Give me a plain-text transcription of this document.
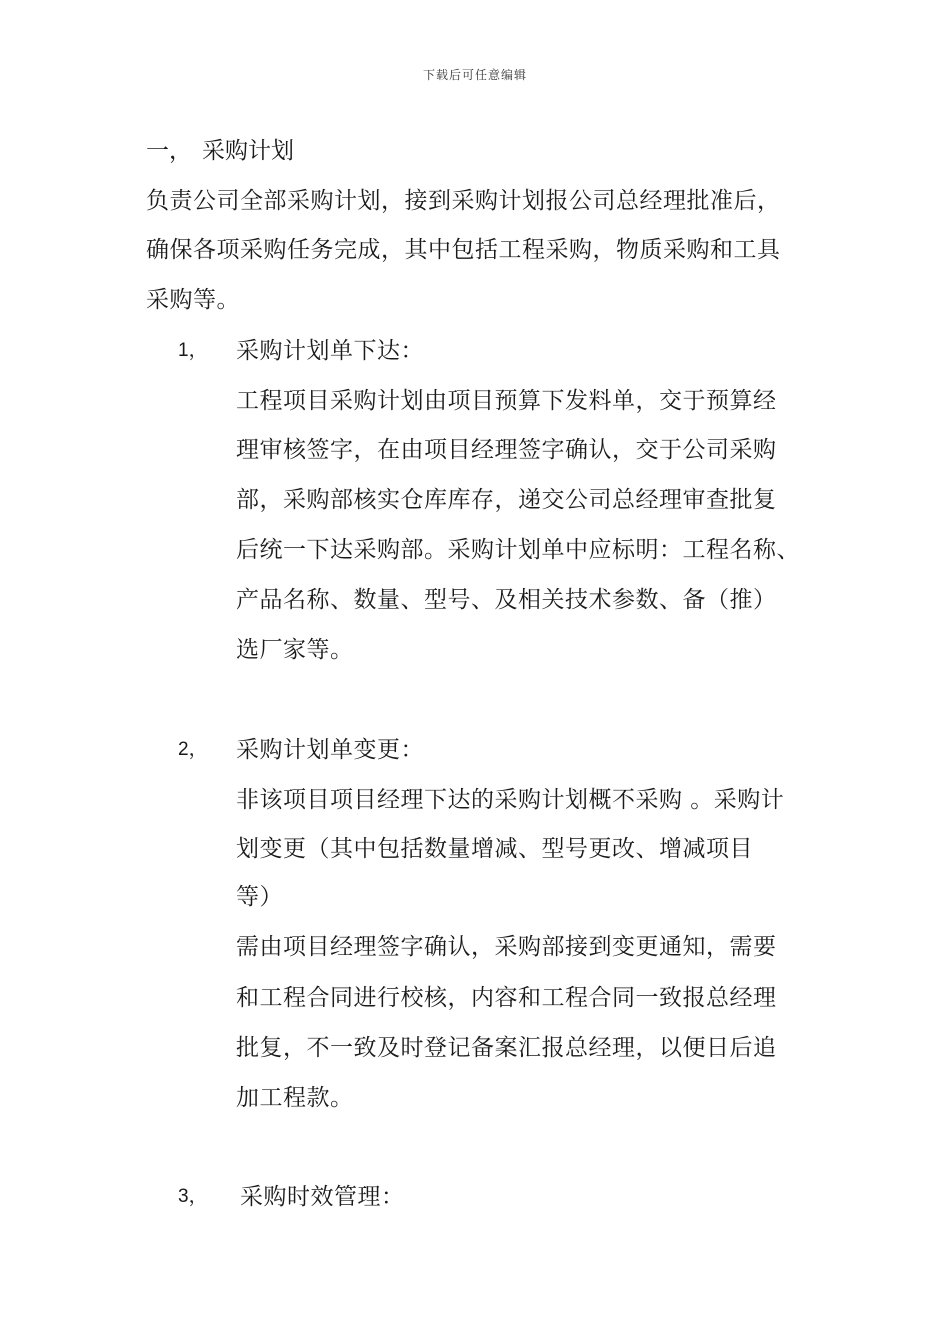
下载后可任意编辑
一， 采购计划
负责公司全部采购计划，接到采购计划报公司总经理批准后，
确保各项采购任务完成，其中包括工程采购，物质采购和工具
采购等。
1， 采购计划单下达：
工程项目采购计划由项目预算下发料单，交于预算经
理审核签字，在由项目经理签字确认，交于公司采购
部，采购部核实仓库库存，递交公司总经理审查批复
后统一下达采购部。采购计划单中应标明：工程名称、
产品名称、数量、型号、及相关技术参数、备（推）
选厂家等。
2， 采购计划单变更：
非该项目项目经理下达的采购计划概不采购 。采购计
划变更（其中包括数量增减、型号更改、增减项目
等）
需由项目经理签字确认，采购部接到变更通知，需要
和工程合同进行校核，内容和工程合同一致报总经理
批复，不一致及时登记备案汇报总经理，以便日后追
加工程款。
3， 采购时效管理：
